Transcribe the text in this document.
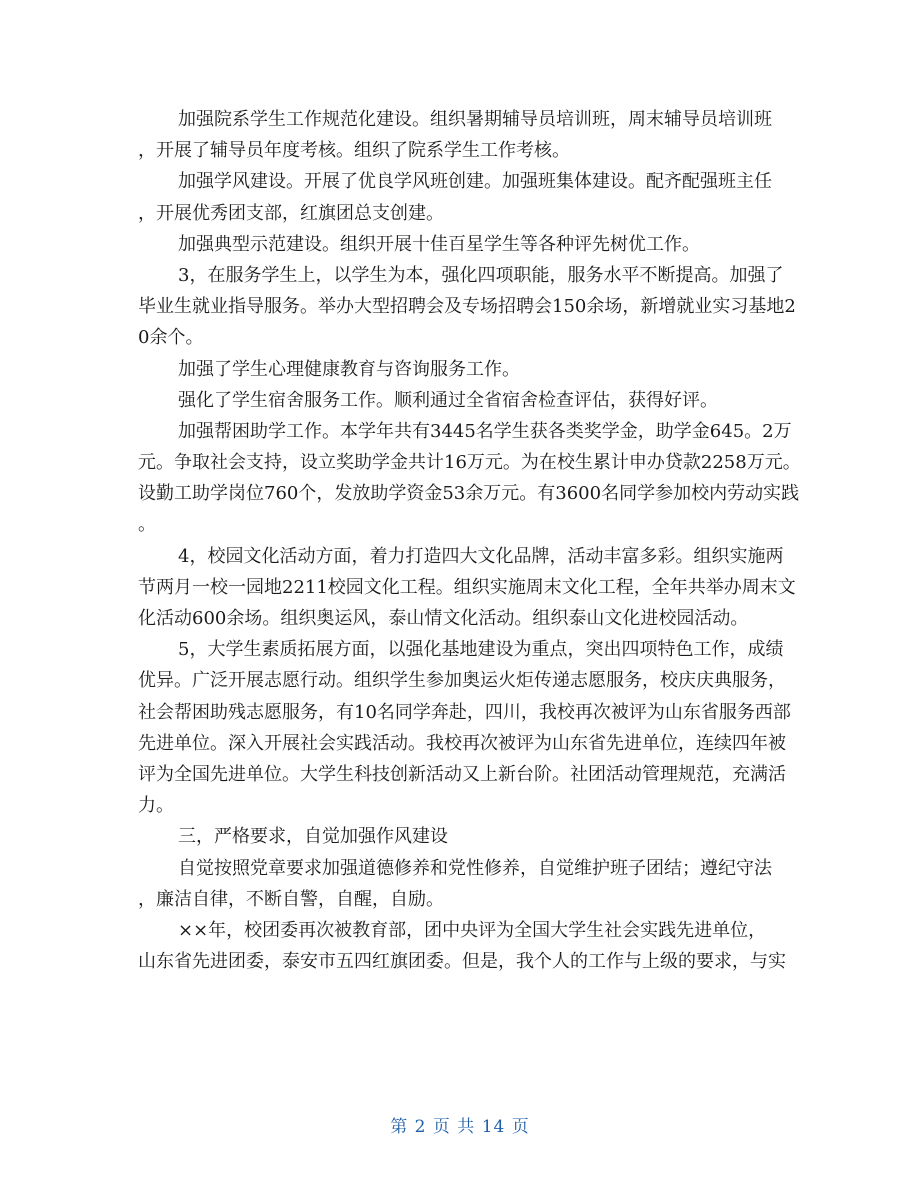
加强院系学生工作规范化建设。组织暑期辅导员培训班，周末辅导员培训班
，开展了辅导员年度考核。组织了院系学生工作考核。
加强学风建设。开展了优良学风班创建。加强班集体建设。配齐配强班主任
，开展优秀团支部，红旗团总支创建。
加强典型示范建设。组织开展十佳百星学生等各种评先树优工作。
3，在服务学生上，以学生为本，强化四项职能，服务水平不断提高。加强了
毕业生就业指导服务。举办大型招聘会及专场招聘会150余场，新增就业实习基地2
0余个。
加强了学生心理健康教育与咨询服务工作。
强化了学生宿舍服务工作。顺利通过全省宿舍检查评估，获得好评。
加强帮困助学工作。本学年共有3445名学生获各类奖学金，助学金645。2万
元。争取社会支持，设立奖助学金共计16万元。为在校生累计申办贷款2258万元。
设勤工助学岗位760个，发放助学资金53余万元。有3600名同学参加校内劳动实践
。
4，校园文化活动方面，着力打造四大文化品牌，活动丰富多彩。组织实施两
节两月一校一园地2211校园文化工程。组织实施周末文化工程，全年共举办周末文
化活动600余场。组织奥运风，泰山情文化活动。组织泰山文化进校园活动。
5，大学生素质拓展方面，以强化基地建设为重点，突出四项特色工作，成绩
优异。广泛开展志愿行动。组织学生参加奥运火炬传递志愿服务，校庆庆典服务，
社会帮困助残志愿服务，有10名同学奔赴，四川，我校再次被评为山东省服务西部
先进单位。深入开展社会实践活动。我校再次被评为山东省先进单位，连续四年被
评为全国先进单位。大学生科技创新活动又上新台阶。社团活动管理规范，充满活
力。
三，严格要求，自觉加强作风建设
自觉按照党章要求加强道德修养和党性修养，自觉维护班子团结；遵纪守法
，廉洁自律，不断自警，自醒，自励。
××年，校团委再次被教育部，团中央评为全国大学生社会实践先进单位，
山东省先进团委，泰安市五四红旗团委。但是，我个人的工作与上级的要求，与实
第 2 页 共 14 页
